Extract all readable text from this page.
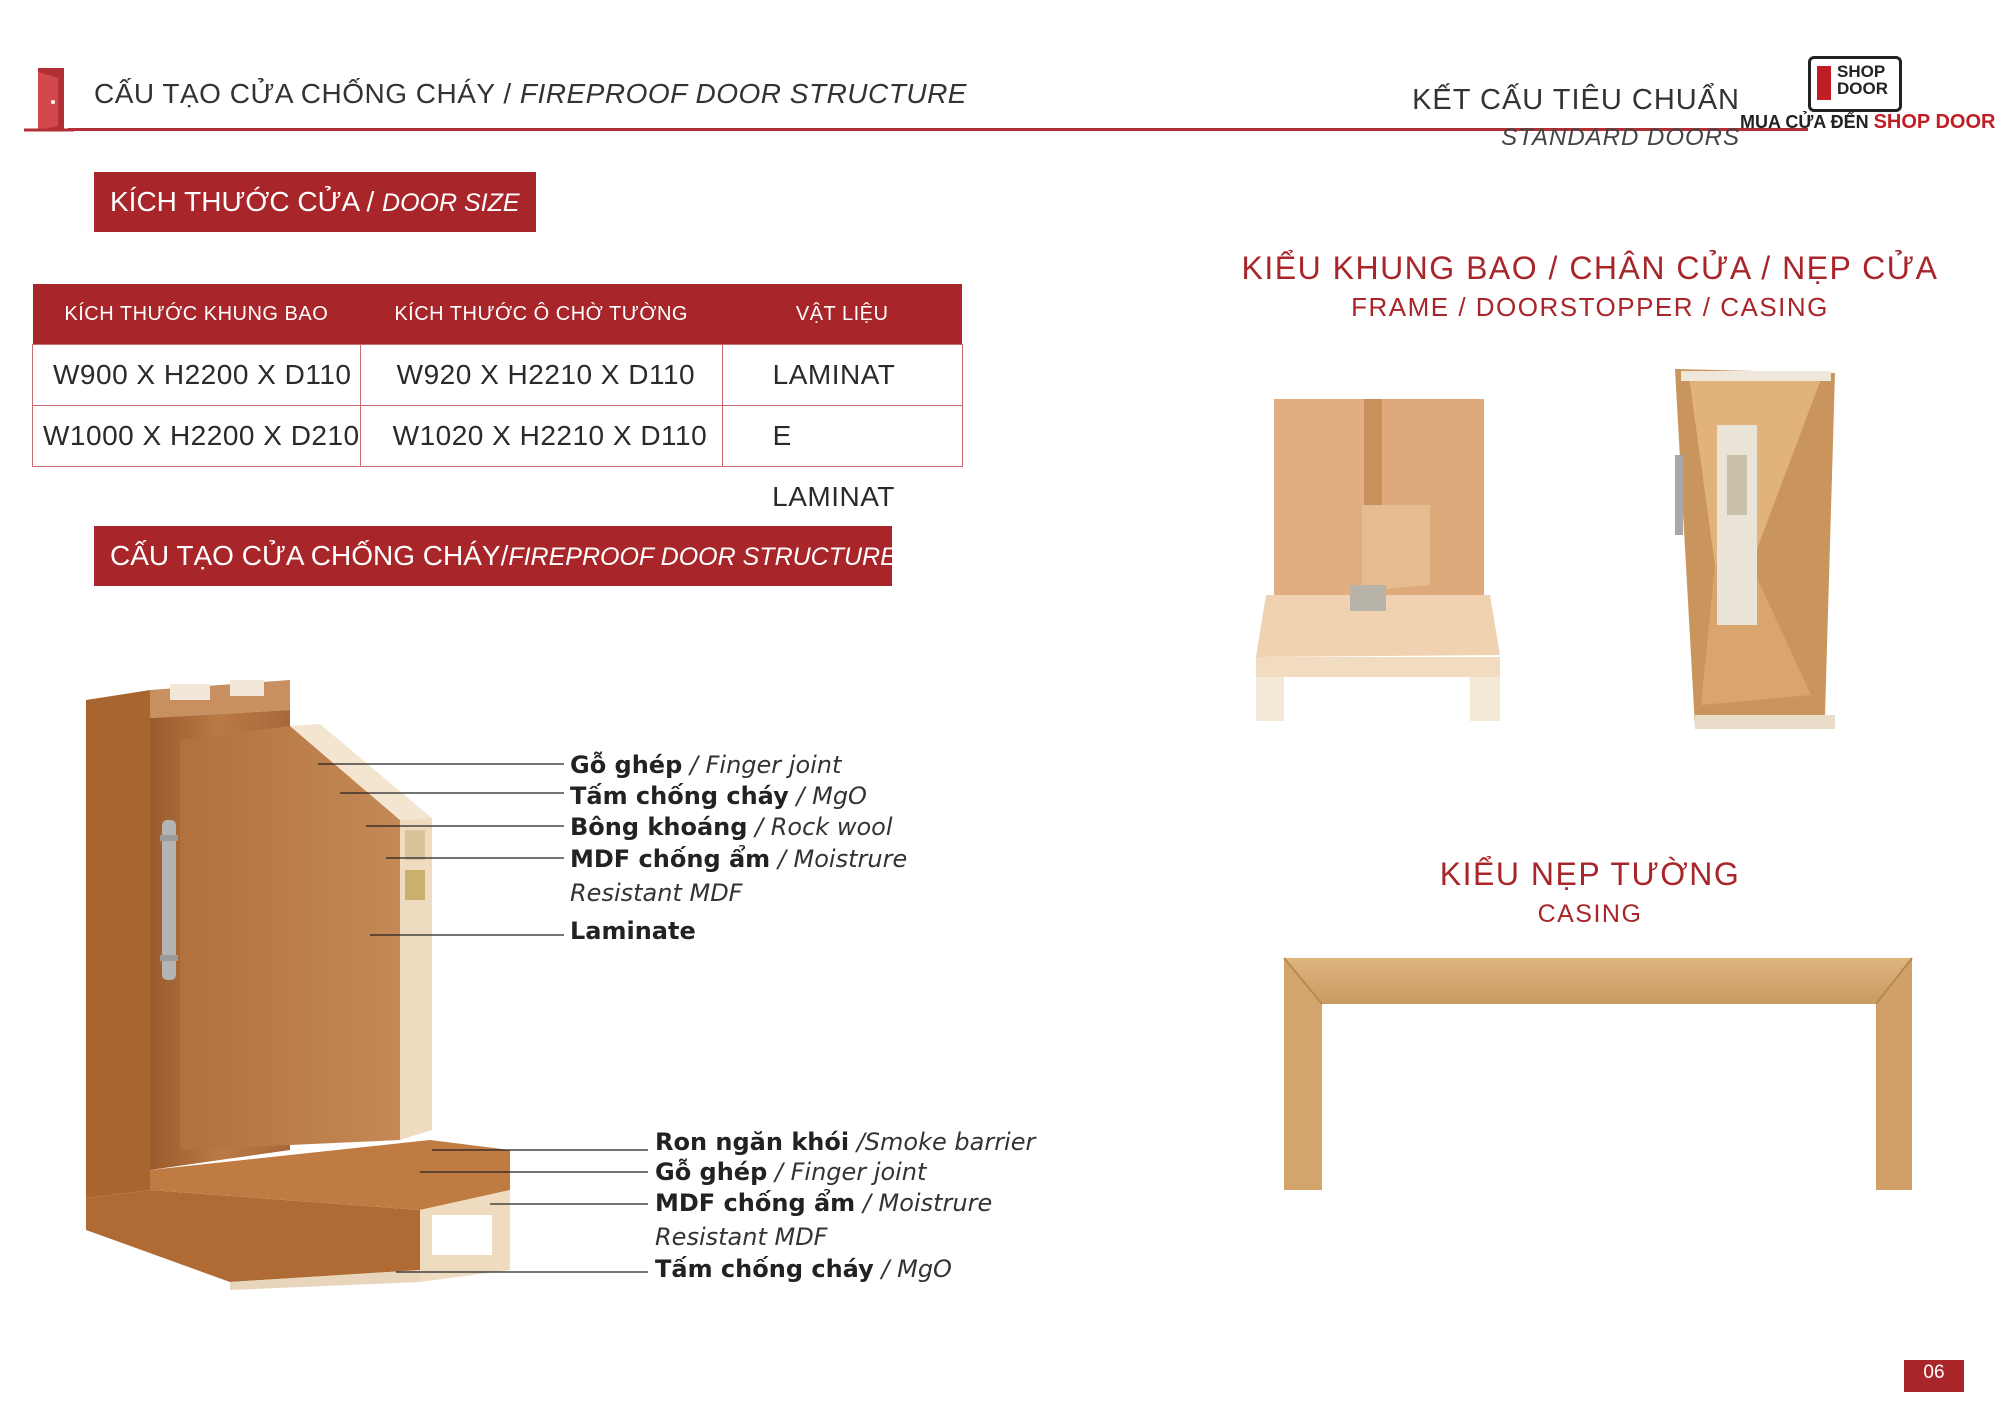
CẤU TẠO CỬA CHỐNG CHÁY / FIREPROOF DOOR STRUCTURE	KẾT CẤU TIÊU CHUẨN
STANDARD DOORS
SHOP
DOOR
MUA CỬA ĐẾN SHOP DOOR
KÍCH THƯỚC CỬA / DOOR SIZE
KÍCH THƯỚC KHUNG BAO	KÍCH THƯỚC Ô CHỜ TƯỜNG	VẬT LIỆU
W900 X H2200 X D110	W920 X H2210 X D110	LAMINAT
W1000 X H2200 X D210	W1020 X H2210 X D110	E
		LAMINAT
CẤU TẠO CỬA CHỐNG CHÁY/FIREPROOF DOOR STRUCTURE
Gỗ ghép / Finger joint
Tấm chống cháy / MgO
Bông khoáng / Rock wool
MDF chống ẩm / Moistrure
Resistant MDF
Laminate
Ron ngăn khói /Smoke barrier
Gỗ ghép / Finger joint
MDF chống ẩm / Moistrure
Resistant MDF
Tấm chống cháy / MgO
KIỂU KHUNG BAO / CHÂN CỬA / NẸP CỬA
FRAME / DOORSTOPPER / CASING
KIỂU NẸP TƯỜNG
CASING
06
